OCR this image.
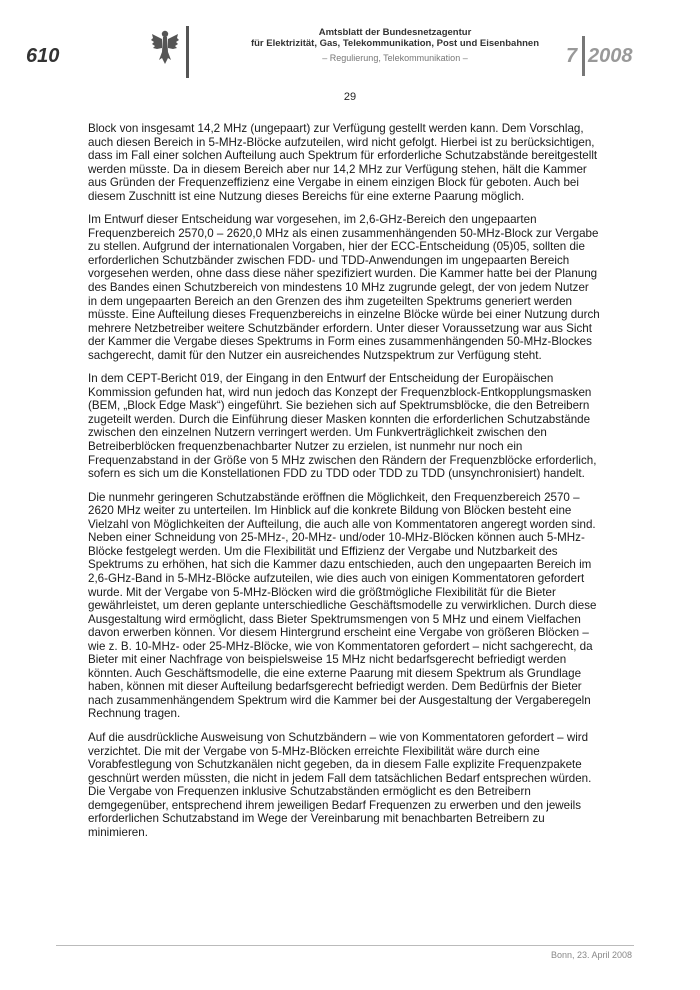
610
Amtsblatt der Bundesnetzagentur
für Elektrizität, Gas, Telekommunikation, Post und Eisenbahnen
– Regulierung, Telekommunikation –	7 2008
29

Block von insgesamt 14,2 MHz (ungepaart) zur Verfügung gestellt werden kann. Dem Vorschlag, auch diesen Bereich in 5-MHz-Blöcke aufzuteilen, wird nicht gefolgt. Hierbei ist zu berücksichtigen, dass im Fall einer solchen Aufteilung auch Spektrum für erforderliche Schutzabstände bereitgestellt werden müsste. Da in diesem Bereich aber nur 14,2 MHz zur Verfügung stehen, hält die Kammer aus Gründen der Frequenzeffizienz eine Vergabe in einem einzigen Block für geboten. Auch bei diesem Zuschnitt ist eine Nutzung dieses Bereichs für eine externe Paarung möglich.

Im Entwurf dieser Entscheidung war vorgesehen, im 2,6-GHz-Bereich den ungepaarten Frequenzbereich 2570,0 – 2620,0 MHz als einen zusammenhängenden 50-MHz-Block zur Vergabe zu stellen. Aufgrund der internationalen Vorgaben, hier der ECC-Entscheidung (05)05, sollten die erforderlichen Schutzbänder zwischen FDD- und TDD-Anwendungen im ungepaarten Bereich vorgesehen werden, ohne dass diese näher spezifiziert wurden. Die Kammer hatte bei der Planung des Bandes einen Schutzbereich von mindestens 10 MHz zugrunde gelegt, der von jedem Nutzer in dem ungepaarten Bereich an den Grenzen des ihm zugeteilten Spektrums generiert werden müsste. Eine Aufteilung dieses Frequenzbereichs in einzelne Blöcke würde bei einer Nutzung durch mehrere Netzbetreiber weitere Schutzbänder erfordern. Unter dieser Voraussetzung war aus Sicht der Kammer die Vergabe dieses Spektrums in Form eines zusammenhängenden 50-MHz-Blockes sachgerecht, damit für den Nutzer ein ausreichendes Nutzspektrum zur Verfügung steht.

In dem CEPT-Bericht 019, der Eingang in den Entwurf der Entscheidung der Europäischen Kommission gefunden hat, wird nun jedoch das Konzept der Frequenzblock-Entkopplungsmasken (BEM, „Block Edge Mask“) eingeführt. Sie beziehen sich auf Spektrumsblöcke, die den Betreibern zugeteilt werden. Durch die Einführung dieser Masken konnten die erforderlichen Schutzabstände zwischen den einzelnen Nutzern verringert werden. Um Funkverträglichkeit zwischen den Betreiberblöcken frequenzbenachbarter Nutzer zu erzielen, ist nunmehr nur noch ein Frequenzabstand in der Größe von 5 MHz zwischen den Rändern der Frequenzblöcke erforderlich, sofern es sich um die Konstellationen FDD zu TDD oder TDD zu TDD (unsynchronisiert) handelt.

Die nunmehr geringeren Schutzabstände eröffnen die Möglichkeit, den Frequenzbereich 2570 – 2620 MHz weiter zu unterteilen. Im Hinblick auf die konkrete Bildung von Blöcken besteht eine Vielzahl von Möglichkeiten der Aufteilung, die auch alle von Kommentatoren angeregt worden sind. Neben einer Schneidung von 25-MHz-, 20-MHz- und/oder 10-MHz-Blöcken können auch 5-MHz-Blöcke festgelegt werden. Um die Flexibilität und Effizienz der Vergabe und Nutzbarkeit des Spektrums zu erhöhen, hat sich die Kammer dazu entschieden, auch den ungepaarten Bereich im 2,6-GHz-Band in 5-MHz-Blöcke aufzuteilen, wie dies auch von einigen Kommentatoren gefordert wurde. Mit der Vergabe von 5-MHz-Blöcken wird die größtmögliche Flexibilität für die Bieter gewährleistet, um deren geplante unterschiedliche Geschäftsmodelle zu verwirklichen. Durch diese Ausgestaltung wird ermöglicht, dass Bieter Spektrumsmengen von 5 MHz und einem Vielfachen davon erwerben können. Vor diesem Hintergrund erscheint eine Vergabe von größeren Blöcken – wie z. B. 10-MHz- oder 25-MHz-Blöcke, wie von Kommentatoren gefordert – nicht sachgerecht, da Bieter mit einer Nachfrage von beispielsweise 15 MHz nicht bedarfsgerecht befriedigt werden könnten. Auch Geschäftsmodelle, die eine externe Paarung mit diesem Spektrum als Grundlage haben, können mit dieser Aufteilung bedarfsgerecht befriedigt werden. Dem Bedürfnis der Bieter nach zusammenhängendem Spektrum wird die Kammer bei der Ausgestaltung der Vergaberegeln Rechnung tragen.

Auf die ausdrückliche Ausweisung von Schutzbändern – wie von Kommentatoren gefordert – wird verzichtet. Die mit der Vergabe von 5-MHz-Blöcken erreichte Flexibilität wäre durch eine Vorabfestlegung von Schutzkanälen nicht gegeben, da in diesem Falle explizite Frequenzpakete geschnürt werden müssten, die nicht in jedem Fall dem tatsächlichen Bedarf entsprechen würden. Die Vergabe von Frequenzen inklusive Schutzabständen ermöglicht es den Betreibern demgegenüber, entsprechend ihrem jeweiligen Bedarf Frequenzen zu erwerben und den jeweils erforderlichen Schutzabstand im Wege der Vereinbarung mit benachbarten Betreibern zu minimieren.

Bonn, 23. April 2008
